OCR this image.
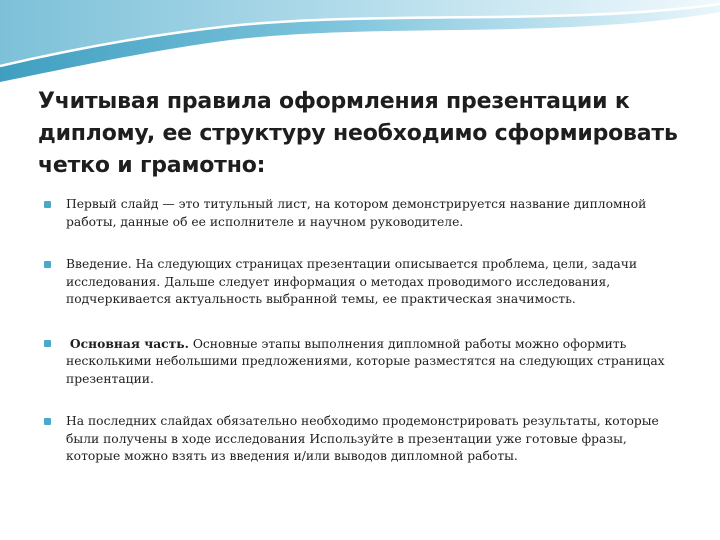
Учитывая правила оформления презентации к дипломy, ее структуру необходимо сформировать четко и грамотно:
Первый слайд — это титульный лист, на котором демонстрируется название дипломной работы, данные об ее исполнителе и научном руководителе.
Введение. На следующих страницах презентации описывается проблема, цели, задачи исследования. Дальше следует информация о методах проводимого исследования, подчеркивается актуальность выбранной темы, ее практическая значимость.
Основная часть. Основные этапы выполнения дипломной работы можно оформить несколькими небольшими предложениями, которые разместятся на следующих страницах презентации.
На последних слайдах обязательно необходимо продемонстрировать результаты, которые были получены в ходе исследования Используйте в презентации уже готовые фразы, которые можно взять из введения и/или выводов дипломной работы.
